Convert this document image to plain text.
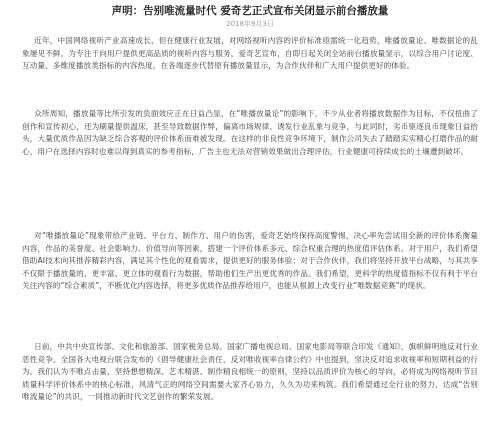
声明：告别唯流量时代 爱奇艺正式宣布关闭显示前台播放量
2018年9月3日

近年，中国网络视听产业高速成长，但在健康行业发展，对网络视听内容的评价标准亟需统一化趋势，唯播放量论、唯数据论的乱象屡见不鲜。为专注于向用户提供更高品质的视听内容与服务，爱奇艺宣布，自即日起关闭全站前台播放量显示，以综合用户讨论度、互动量、多维度播放类指标的内容热度，在各端逐步代替原有播放量显示，为合作伙伴和广大用户提供更好的体验。

众所周知，播放量等比所引发的负面效应正在日益凸显，在“唯播放量论”的影响下，不少从业者将播放数据作为目标，不仅扭曲了创作和宣传初心，还为刷量提供温床，甚至导致数据作弊，偏离市场规律、诱发行业乱象与竞争，与此同时，劣币驱逐良币现象日益抬头，大量优质作品因为缺乏综合客观的评价体系而难被发现。在这样的非良性竞争环境下，制作公司失去了踏踏实实精心打磨作品的耐心，用户在选择内容时也难以得到真实的参考指标，广告主也无法对营销效果做出合理评估，行业健康可持续成长的土壤遭到破坏。

对“唯播放量论”现象带给产业链、平台方、制作方、用户的伤害，爱奇艺始终保持高度警惕，决心率先尝试用全新的评价体系衡量内容，作品的美誉度、社会影响力、价值导向等因素，搭建一个评价体系多元、综合权重合理的热度值评估体系。对于用户，我们希望借助AI技术向其推荐精彩内容，满足其个性化的观看需求，提供更好的服务体验；对于合作伙伴，我们将坚持开放平台战略，与其共享不仅限于播放量的、更丰富、更立体的观看行为数据，帮助他们生产出更优秀的作品。我们希望，更科学的热度值指标不仅有利于平台关注内容的“综合素质”，不断优化内容选择，将更多优质作品推荐给用户，也能从根源上改变行业“唯数据竞赛”的现状。

日前，中共中央宣传部、文化和旅游部、国家税务总局、国家广播电视总局、国家电影局等联合印发《通知》，旗帜鲜明地反对行业恶性竞争。全国各大电视台联合发布的《倡导健康社会责任，反对唯收视率自律公约》中也提到，坚决反对追求收视率和短期利益的行为。我们认为不唯点击量，坚持想想精深、艺术精湛、制作精良相统一的原则，坚持以品质评价为核心的导向，必将成为网络视听节目质量科学评价体系中的核心标准，风清气正的网络空间需要大家齐心协力，久久为功来构筑。我们希望通过全行业的努力，达成“告别唯流量论”的共识，一同推动新时代文艺创作的繁荣发展。
